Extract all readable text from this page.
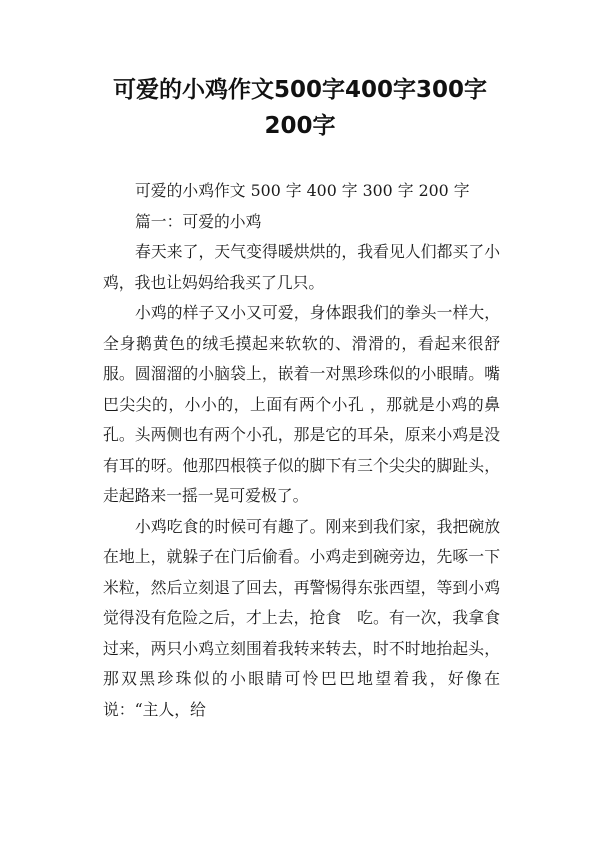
可爱的小鸡作文500字400字300字
200字

可爱的小鸡作文 500 字 400 字 300 字 200 字

篇一：可爱的小鸡

春天来了，天气变得暖烘烘的，我看见人们都买了小鸡，我也让妈妈给我买了几只。

小鸡的样子又小又可爱，身体跟我们的拳头一样大，全身鹅黄色的绒毛摸起来软软的、滑滑的，看起来很舒服。圆溜溜的小脑袋上，嵌着一对黑珍珠似的小眼睛。嘴巴尖尖的，小小的，上面有两个小孔 ，那就是小鸡的鼻孔。头两侧也有两个小孔，那是它的耳朵，原来小鸡是没有耳的呀。他那四根筷子似的脚下有三个尖尖的脚趾头，走起路来一摇一晃可爱极了。

小鸡吃食的时候可有趣了。刚来到我们家，我把碗放在地上，就躲子在门后偷看。小鸡走到碗旁边，先啄一下米粒，然后立刻退了回去，再警惕得东张西望，等到小鸡觉得没有危险之后，才上去，抢食　吃。有一次，我拿食过来，两只小鸡立刻围着我转来转去，时不时地抬起头，那双黑珍珠似的小眼睛可怜巴巴地望着我，好像在说：“主人，给
